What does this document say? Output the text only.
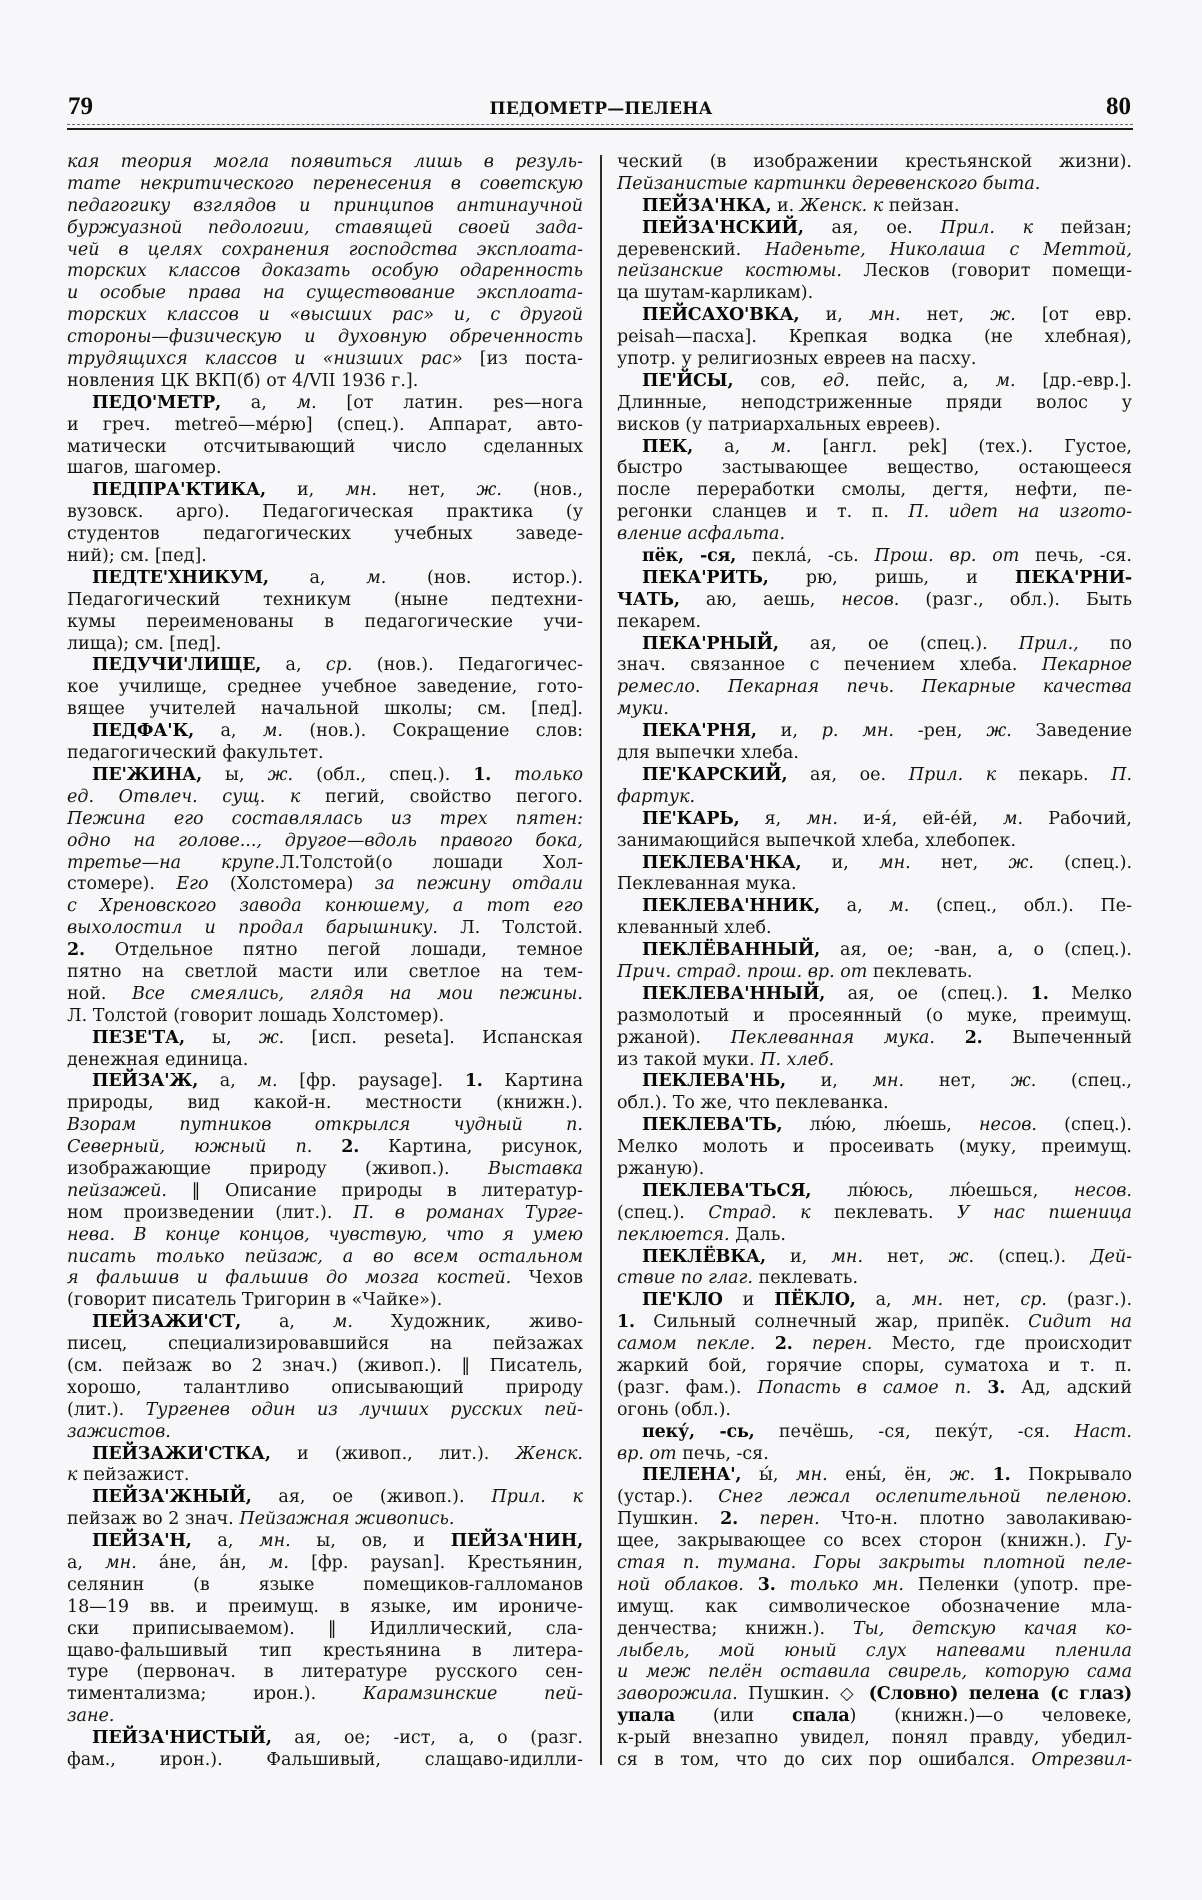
79	ПЕДОМЕТР—ПЕЛЕНА	80
кая теория могла появиться лишь в резуль-
тате некритического перенесения в советскую
педагогику взглядов и принципов антинаучной
буржуазной педологии, ставящей своей зада-
чей в целях сохранения господства эксплоата-
торских классов доказать особую одаренность
и особые права на существование эксплоата-
торских классов и «высших рас» и, с другой
стороны—физическую и духовную обреченность
трудящихся классов и «низших рас» [из поста-
новления ЦК ВКП(б) от 4/VII 1936 г.].
ПЕДО'МЕТР, а, м. [от латин. pes—нога
и греч. metreō—ме́рю] (спец.). Аппарат, авто-
матически отсчитывающий число сделанных
шагов, шагомер.
ПЕДПРА'КТИКА, и, мн. нет, ж. (нов.,
вузовск. арго). Педагогическая практика (у
студентов педагогических учебных заведе-
ний); см. [пед].
ПЕДТЕ'ХНИКУМ, а, м. (нов. истор.).
Педагогический техникум (ныне педтехни-
кумы переименованы в педагогические учи-
лища); см. [пед].
ПЕДУЧИ'ЛИЩЕ, а, ср. (нов.). Педагогичес-
кое училище, среднее учебное заведение, гото-
вящее учителей начальной школы; см. [пед].
ПЕДФА'К, а, м. (нов.). Сокращение слов:
педагогический факультет.
ПЕ'ЖИНА, ы, ж. (обл., спец.). 1. только
ед. Отвлеч. сущ. к пегий, свойство пегого.
Пежина его составлялась из трех пятен:
одно на голове..., другое—вдоль правого бока,
третье—на крупе.Л.Толстой(о лошади Хол-
стомере). Его (Холстомера) за пежину отдали
с Хреновского завода конюшему, а тот его
выхолостил и продал барышнику. Л. Толстой.
2. Отдельное пятно пегой лошади, темное
пятно на светлой масти или светлое на тем-
ной. Все смеялись, глядя на мои пежины.
Л. Толстой (говорит лошадь Холстомер).
ПЕЗЕ'ТА, ы, ж. [исп. peseta]. Испанская
денежная единица.
ПЕЙЗА'Ж, а, м. [фр. paysage]. 1. Картина
природы, вид какой-н. местности (книжн.).
Взорам путников открылся чудный п.
Северный, южный п. 2. Картина, рисунок,
изображающие природу (живоп.). Выставка
пейзажей. ‖ Описание природы в литератур-
ном произведении (лит.). П. в романах Турге-
нева. В конце концов, чувствую, что я умею
писать только пейзаж, а во всем остальном
я фальшив и фальшив до мозга костей. Чехов
(говорит писатель Тригорин в «Чайке»).
ПЕЙЗАЖИ'СТ, а, м. Художник, живо-
писец, специализировавшийся на пейзажах
(см. пейзаж во 2 знач.) (живоп.). ‖ Писатель,
хорошо, талантливо описывающий природу
(лит.). Тургенев один из лучших русских пей-
зажистов.
ПЕЙЗАЖИ'СТКА, и (живоп., лит.). Женск.
к пейзажист.
ПЕЙЗА'ЖНЫЙ, ая, ое (живоп.). Прил. к
пейзаж во 2 знач. Пейзажная живопись.
ПЕЙЗА'Н, а, мн. ы, ов, и ПЕЙЗА'НИН,
а, мн. а́не, а́н, м. [фр. paysan]. Крестьянин,
селянин (в языке помещиков-галломанов
18—19 вв. и преимущ. в языке, им ирониче-
ски приписываемом). ‖ Идиллический, сла-
щаво-фальшивый тип крестьянина в литера-
туре (первонач. в литературе русского сен-
тиментализма; ирон.). Карамзинские пей-
зане.
ПЕЙЗА'НИСТЫЙ, ая, ое; -ист, а, о (разг.
фам., ирон.). Фальшивый, слащаво-идилли-
ческий (в изображении крестьянской жизни).
Пейзанистые картинки деревенского быта.
ПЕЙЗА'НКА, и. Женск. к пейзан.
ПЕЙЗА'НСКИЙ, ая, ое. Прил. к пейзан;
деревенский. Наденьте, Николаша с Меттой,
пейзанские костюмы. Лесков (говорит помещи-
ца шутам-карликам).
ПЕЙСАХО'ВКА, и, мн. нет, ж. [от евр.
peisah—пасха]. Крепкая водка (не хлебная),
употр. у религиозных евреев на пасху.
ПЕ'ЙСЫ, сов, ед. пейс, а, м. [др.-евр.].
Длинные, неподстриженные пряди волос у
висков (у патриархальных евреев).
ПЕК, а, м. [англ. pek] (тех.). Густое,
быстро застывающее вещество, остающееся
после переработки смолы, дегтя, нефти, пе-
регонки сланцев и т. п. П. идет на изгото-
вление асфальта.
пёк, -ся, пекла́, -сь. Прош. вр. от печь, -ся.
ПЕКА'РИТЬ, рю, ришь, и ПЕКА'РНИ-
ЧАТЬ, аю, аешь, несов. (разг., обл.). Быть
пекарем.
ПЕКА'РНЫЙ, ая, ое (спец.). Прил., по
знач. связанное с печением хлеба. Пекарное
ремесло. Пекарная печь. Пекарные качества
муки.
ПЕКА'РНЯ, и, р. мн. -рен, ж. Заведение
для выпечки хлеба.
ПЕ'КАРСКИЙ, ая, ое. Прил. к пекарь. П.
фартук.
ПЕ'КАРЬ, я, мн. и-я́, ей-е́й, м. Рабочий,
занимающийся выпечкой хлеба, хлебопек.
ПЕКЛЕВА'НКА, и, мн. нет, ж. (спец.).
Пеклеванная мука.
ПЕКЛЕВА'ННИК, а, м. (спец., обл.). Пе-
клеванный хлеб.
ПЕКЛЁВАННЫЙ, ая, ое; -ван, а, о (спец.).
Прич. страд. прош. вр. от пеклевать.
ПЕКЛЕВА'ННЫЙ, ая, ое (спец.). 1. Мелко
размолотый и просеянный (о муке, преимущ.
ржаной). Пеклеванная мука. 2. Выпеченный
из такой муки. П. хлеб.
ПЕКЛЕВА'НЬ, и, мн. нет, ж. (спец.,
обл.). То же, что пеклеванка.
ПЕКЛЕВА'ТЬ, лю́ю, лю́ешь, несов. (спец.).
Мелко молоть и просеивать (муку, преимущ.
ржаную).
ПЕКЛЕВА'ТЬСЯ, лю́юсь, лю́ешься, несов.
(спец.). Страд. к пеклевать. У нас пшеница
пеклюется. Даль.
ПЕКЛЁВКА, и, мн. нет, ж. (спец.). Дей-
ствие по глаг. пеклевать.
ПЕ'КЛО и ПЁКЛО, а, мн. нет, ср. (разг.).
1. Сильный солнечный жар, припёк. Сидит на
самом пекле. 2. перен. Место, где происходит
жаркий бой, горячие споры, суматоха и т. п.
(разг. фам.). Попасть в самое п. 3. Ад, адский
огонь (обл.).
пеку́, -сь, печёшь, -ся, пеку́т, -ся. Наст.
вр. от печь, -ся.
ПЕЛЕНА', ы́, мн. ены́, ён, ж. 1. Покрывало
(устар.). Снег лежал ослепительной пеленою.
Пушкин. 2. перен. Что-н. плотно заволакиваю-
щее, закрывающее со всех сторон (книжн.). Гу-
стая п. тумана. Горы закрыты плотной пеле-
ной облаков. 3. только мн. Пеленки (употр. пре-
имущ. как символическое обозначение мла-
денчества; книжн.). Ты, детскую качая ко-
лыбель, мой юный слух напевами пленила
и меж пелён оставила свирель, которую сама
заворожила. Пушкин. ◇ (Словно) пелена (с глаз)
упала (или спала) (книжн.)—о человеке,
к-рый внезапно увидел, понял правду, убедил-
ся в том, что до сих пор ошибался. Отрезвил-
